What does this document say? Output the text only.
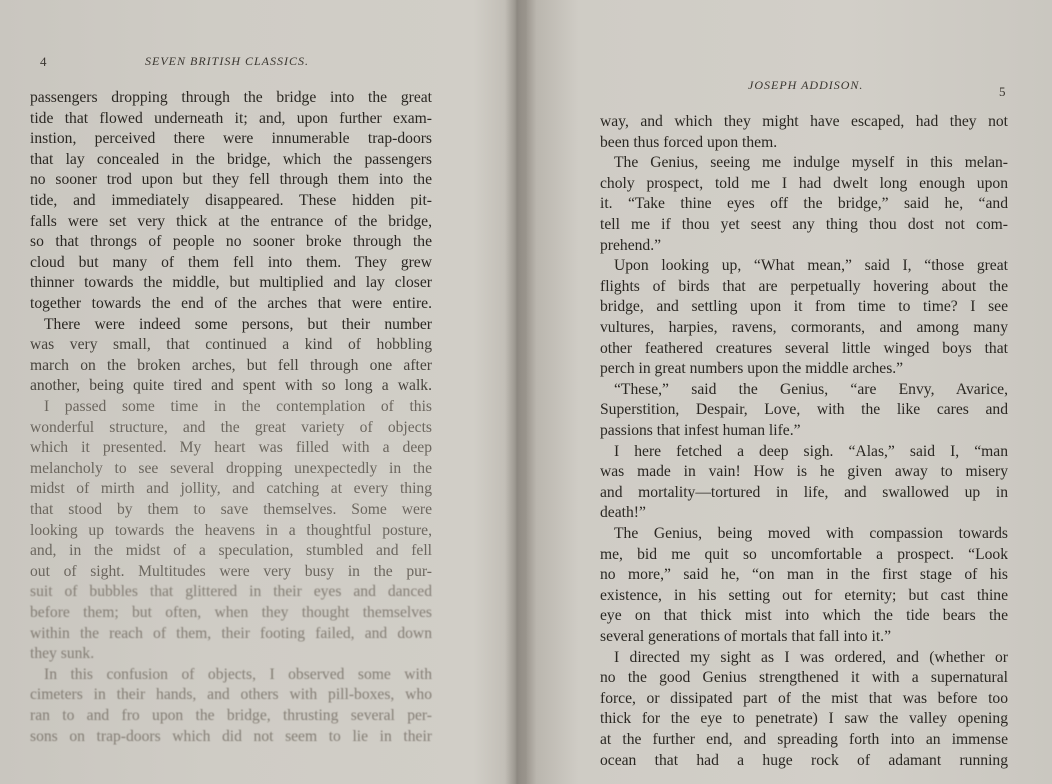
4	SEVEN BRITISH CLASSICS.
passengers dropping through the bridge into the great
tide that flowed underneath it; and, upon further exam-
instion, perceived there were innumerable trap-doors
that lay concealed in the bridge, which the passengers
no sooner trod upon but they fell through them into the
tide, and immediately disappeared. These hidden pit-
falls were set very thick at the entrance of the bridge,
so that throngs of people no sooner broke through the
cloud but many of them fell into them. They grew
thinner towards the middle, but multiplied and lay closer
together towards the end of the arches that were entire.
There were indeed some persons, but their number
was very small, that continued a kind of hobbling
march on the broken arches, but fell through one after
another, being quite tired and spent with so long a walk.
I passed some time in the contemplation of this
wonderful structure, and the great variety of objects
which it presented. My heart was filled with a deep
melancholy to see several dropping unexpectedly in the
midst of mirth and jollity, and catching at every thing
that stood by them to save themselves. Some were
looking up towards the heavens in a thoughtful posture,
and, in the midst of a speculation, stumbled and fell
out of sight. Multitudes were very busy in the pur-
suit of bubbles that glittered in their eyes and danced
before them; but often, when they thought themselves
within the reach of them, their footing failed, and down
they sunk.
In this confusion of objects, I observed some with
cimeters in their hands, and others with pill-boxes, who
ran to and fro upon the bridge, thrusting several per-
sons on trap-doors which did not seem to lie in their
JOSEPH ADDISON.	5
way, and which they might have escaped, had they not
been thus forced upon them.
The Genius, seeing me indulge myself in this melan-
choly prospect, told me I had dwelt long enough upon
it. “Take thine eyes off the bridge,” said he, “and
tell me if thou yet seest any thing thou dost not com-
prehend.”
Upon looking up, “What mean,” said I, “those great
flights of birds that are perpetually hovering about the
bridge, and settling upon it from time to time? I see
vultures, harpies, ravens, cormorants, and among many
other feathered creatures several little winged boys that
perch in great numbers upon the middle arches.”
“These,” said the Genius, “are Envy, Avarice,
Superstition, Despair, Love, with the like cares and
passions that infest human life.”
I here fetched a deep sigh. “Alas,” said I, “man
was made in vain! How is he given away to misery
and mortality—tortured in life, and swallowed up in
death!”
The Genius, being moved with compassion towards
me, bid me quit so uncomfortable a prospect. “Look
no more,” said he, “on man in the first stage of his
existence, in his setting out for eternity; but cast thine
eye on that thick mist into which the tide bears the
several generations of mortals that fall into it.”
I directed my sight as I was ordered, and (whether or
no the good Genius strengthened it with a supernatural
force, or dissipated part of the mist that was before too
thick for the eye to penetrate) I saw the valley opening
at the further end, and spreading forth into an immense
ocean that had a huge rock of adamant running
